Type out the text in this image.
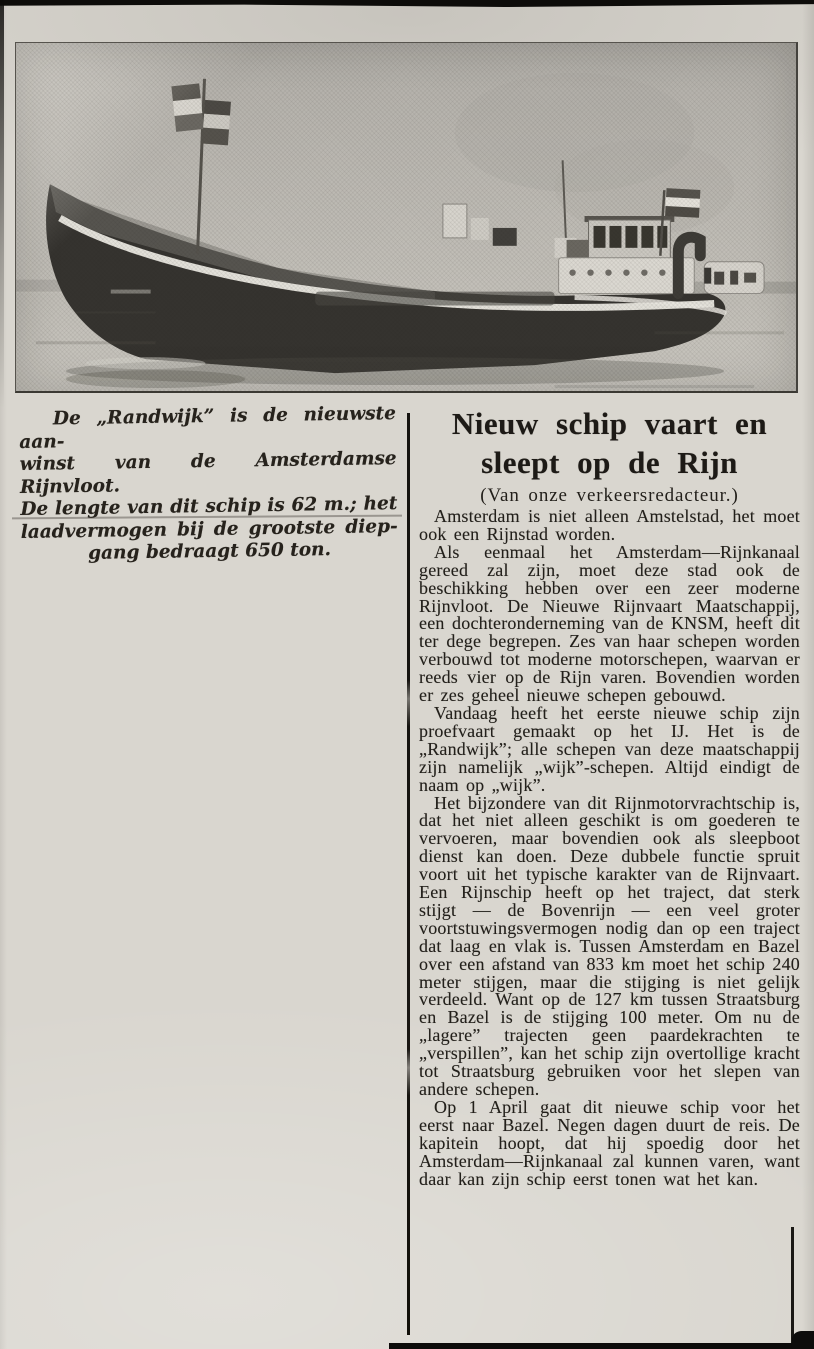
De „Randwijk” is de nieuwste aan-
winst van de Amsterdamse Rijnvloot.
De lengte van dit schip is 62 m.; het
laadvermogen bij de grootste diep-
gang bedraagt 650 ton.
Nieuw schip vaart en
sleept op de Rijn
(Van onze verkeersredacteur.)

Amsterdam is niet alleen Amstelstad, het moet ook een Rijnstad worden.

Als eenmaal het Amsterdam—Rijnkanaal gereed zal zijn, moet deze stad ook de beschikking hebben over een zeer moderne Rijnvloot. De Nieuwe Rijnvaart Maatschappij, een dochteronderneming van de KNSM, heeft dit ter dege begrepen. Zes van haar schepen worden verbouwd tot moderne motorschepen, waarvan er reeds vier op de Rijn varen. Bovendien worden er zes geheel nieuwe schepen gebouwd.

Vandaag heeft het eerste nieuwe schip zijn proefvaart gemaakt op het IJ. Het is de „Randwijk”; alle schepen van deze maatschappij zijn namelijk „wijk”-schepen. Altijd eindigt de naam op „wijk”.

Het bijzondere van dit Rijnmotorvrachtschip is, dat het niet alleen geschikt is om goederen te vervoeren, maar bovendien ook als sleepboot dienst kan doen. Deze dubbele functie spruit voort uit het typische karakter van de Rijnvaart. Een Rijnschip heeft op het traject, dat sterk stijgt — de Bovenrijn — een veel groter voortstuwingsvermogen nodig dan op een traject dat laag en vlak is. Tussen Amsterdam en Bazel over een afstand van 833 km moet het schip 240 meter stijgen, maar die stijging is niet gelijk verdeeld. Want op de 127 km tussen Straatsburg en Bazel is de stijging 100 meter. Om nu de „lagere” trajecten geen paardekrachten te „verspillen”, kan het schip zijn overtollige kracht tot Straatsburg gebruiken voor het slepen van andere schepen.

Op 1 April gaat dit nieuwe schip voor het eerst naar Bazel. Negen dagen duurt de reis. De kapitein hoopt, dat hij spoedig door het Amsterdam—Rijnkanaal zal kunnen varen, want daar kan zijn schip eerst tonen wat het kan.
